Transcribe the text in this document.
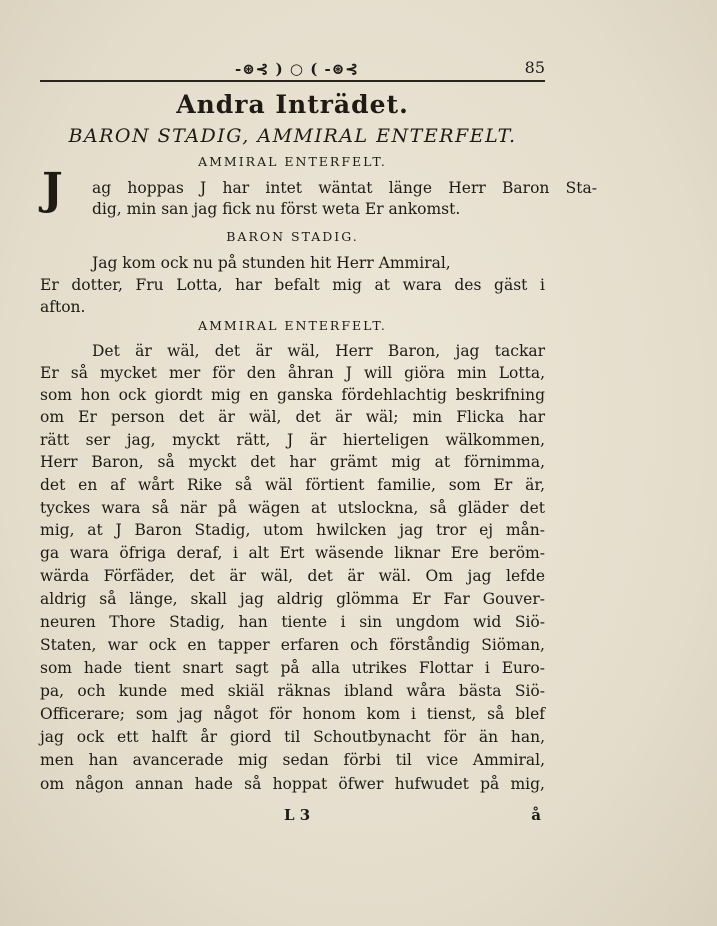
-⊛⊰ ) ○ ( -⊛⊰	85
Andra Inträdet.
BARON STADIG, AMMIRAL ENTERFELT.
AMMIRAL ENTERFELT.
J	ag hoppas J har intet wäntat länge Herr Baron Sta-
dig, min san jag fick nu först weta Er ankomst.
BARON STADIG.
Jag kom ock nu på stunden hit Herr Ammiral,
Er dotter, Fru Lotta, har befalt mig at wara des gäst i
afton.
AMMIRAL ENTERFELT.
Det är wäl, det är wäl, Herr Baron, jag tackar
Er så mycket mer för den åhran J will giöra min Lotta,
som hon ock giordt mig en ganska fördehlachtig beskrifning
om Er person det är wäl, det är wäl; min Flicka har
rätt ser jag, myckt rätt, J är hierteligen wälkommen,
Herr Baron, så myckt det har grämt mig at förnimma,
det en af wårt Rike så wäl förtient familie, som Er är,
tyckes wara så när på wägen at utslockna, så gläder det
mig, at J Baron Stadig, utom hwilcken jag tror ej mån-
ga wara öfriga deraf, i alt Ert wäsende liknar Ere beröm-
wärda Förfäder, det är wäl, det är wäl. Om jag lefde
aldrig så länge, skall jag aldrig glömma Er Far Gouver-
neuren Thore Stadig, han tiente i sin ungdom wid Siö-
Staten, war ock en tapper erfaren och förståndig Siöman,
som hade tient snart sagt på alla utrikes Flottar i Euro-
pa, och kunde med skiäl räknas ibland wåra bästa Siö-
Officerare; som jag något för honom kom i tienst, så blef
jag ock ett halft år giord til Schoutbynacht för än han,
men han avancerade mig sedan förbi til vice Ammiral,
om någon annan hade så hoppat öfwer hufwudet på mig,
L 3	å
